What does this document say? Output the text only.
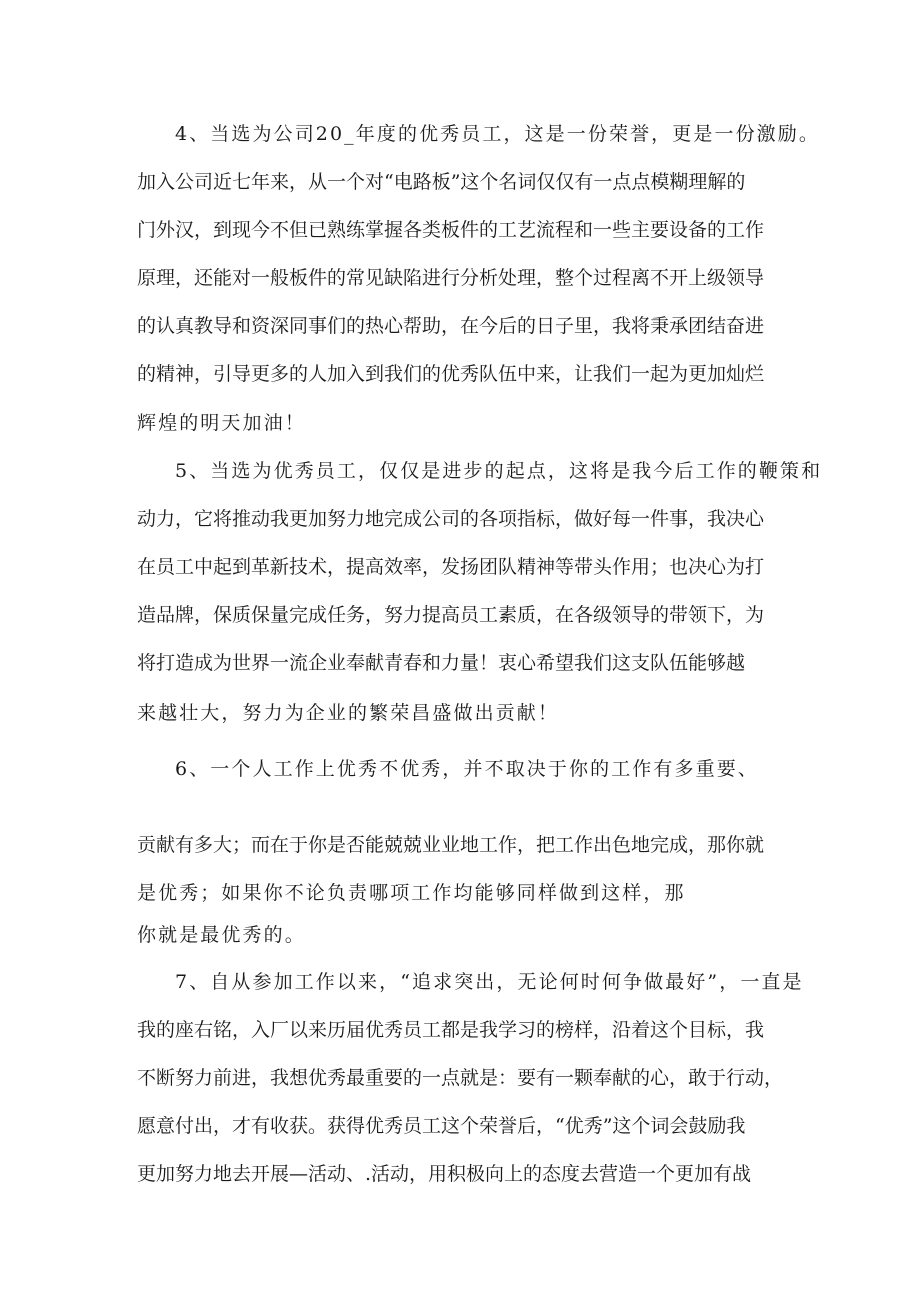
4、当选为公司20_年度的优秀员工，这是一份荣誉，更是一份激励。
加入公司近七年来，从一个对“电路板”这个名词仅仅有一点点模糊理解的
门外汉，到现今不但已熟练掌握各类板件的工艺流程和一些主要设备的工作
原理，还能对一般板件的常见缺陷进行分析处理，整个过程离不开上级领导
的认真教导和资深同事们的热心帮助，在今后的日子里，我将秉承团结奋进
的精神，引导更多的人加入到我们的优秀队伍中来，让我们一起为更加灿烂
辉煌的明天加油！
5、当选为优秀员工，仅仅是进步的起点，这将是我今后工作的鞭策和
动力，它将推动我更加努力地完成公司的各项指标，做好每一件事，我决心
在员工中起到革新技术，提高效率，发扬团队精神等带头作用；也决心为打
造品牌，保质保量完成任务，努力提高员工素质，在各级领导的带领下，为
将打造成为世界一流企业奉献青春和力量！衷心希望我们这支队伍能够越
来越壮大，努力为企业的繁荣昌盛做出贡献！
6、一个人工作上优秀不优秀，并不取决于你的工作有多重要、
贡献有多大；而在于你是否能兢兢业业地工作，把工作出色地完成，那你就
是优秀；如果你不论负责哪项工作均能够同样做到这样，那
你就是最优秀的。
7、自从参加工作以来，“追求突出，无论何时何争做最好”，一直是
我的座右铭，入厂以来历届优秀员工都是我学习的榜样，沿着这个目标，我
不断努力前进，我想优秀最重要的一点就是：要有一颗奉献的心，敢于行动，
愿意付出，才有收获。获得优秀员工这个荣誉后，“优秀”这个词会鼓励我
更加努力地去开展—活动、.活动，用积极向上的态度去营造一个更加有战
